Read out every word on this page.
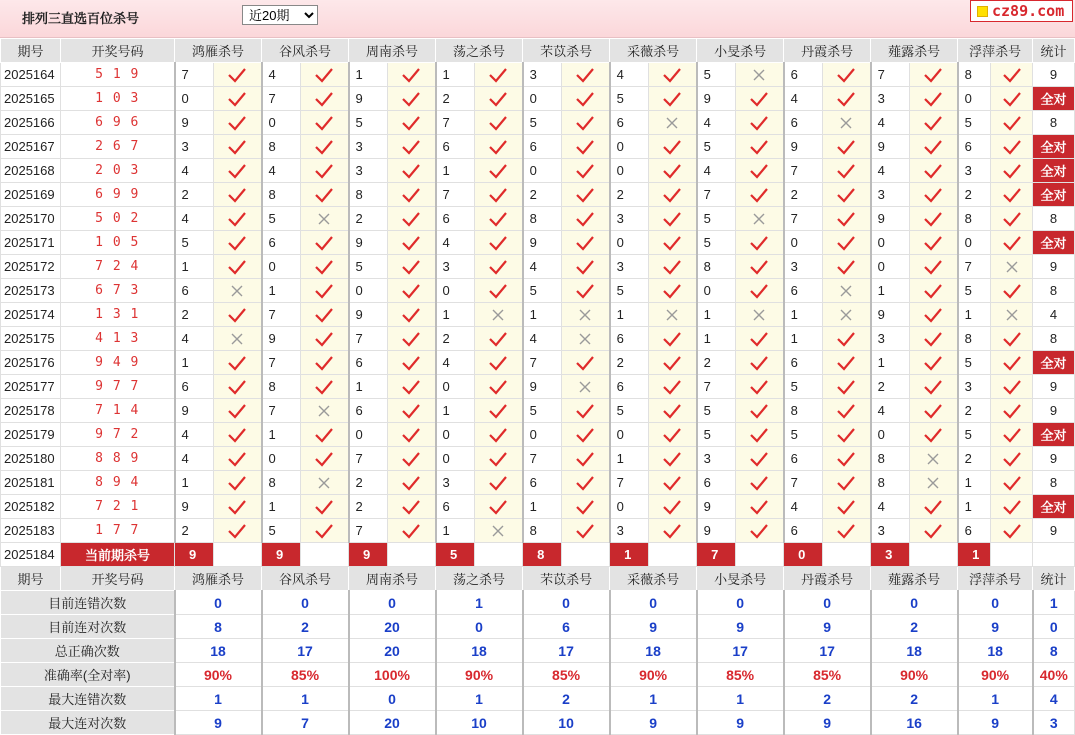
排列三直选百位杀号
近20期	cz89.com
期号	开奖号码	鸿雁杀号		谷风杀号		周南杀号		荡之杀号		芣苡杀号		采薇杀号		小旻杀号		丹霞杀号		薤露杀号		浮萍杀号		统计
2025164	5 1 9	7		4		1		1		3		4		5		6		7		8		9
2025165	1 0 3	0		7		9		2		0		5		9		4		3		0		全对
2025166	6 9 6	9		0		5		7		5		6		4		6		4		5		8
2025167	2 6 7	3		8		3		6		6		0		5		9		9		6		全对
2025168	2 0 3	4		4		3		1		0		0		4		7		4		3		全对
2025169	6 9 9	2		8		8		7		2		2		7		2		3		2		全对
2025170	5 0 2	4		5		2		6		8		3		5		7		9		8		8
2025171	1 0 5	5		6		9		4		9		0		5		0		0		0		全对
2025172	7 2 4	1		0		5		3		4		3		8		3		0		7		9
2025173	6 7 3	6		1		0		0		5		5		0		6		1		5		8
2025174	1 3 1	2		7		9		1		1		1		1		1		9		1		4
2025175	4 1 3	4		9		7		2		4		6		1		1		3		8		8
2025176	9 4 9	1		7		6		4		7		2		2		6		1		5		全对
2025177	9 7 7	6		8		1		0		9		6		7		5		2		3		9
2025178	7 1 4	9		7		6		1		5		5		5		8		4		2		9
2025179	9 7 2	4		1		0		0		0		0		5		5		0		5		全对
2025180	8 8 9	4		0		7		0		7		1		3		6		8		2		9
2025181	8 9 4	1		8		2		3		6		7		6		7		8		1		8
2025182	7 2 1	9		1		2		6		1		0		9		4		4		1		全对
2025183	1 7 7	2		5		7		1		8		3		9		6		3		6		9
2025184	当前期杀号	9		9		9		5		8		1		7		0		3		1		
期号	开奖号码	鸿雁杀号		谷风杀号		周南杀号		荡之杀号		芣苡杀号		采薇杀号		小旻杀号		丹霞杀号		薤露杀号		浮萍杀号		统计
目前连错次数		0		0		0		1		0		0		0		0		0		0		1
目前连对次数		8		2		20		0		6		9		9		9		2		9		0
总正确次数		18		17		20		18		17		18		17		17		18		18		8
准确率(全对率)		90%		85%		100%		90%		85%		90%		85%		85%		90%		90%		40%
最大连错次数		1		1		0		1		2		1		1		2		2		1		4
最大连对次数		9		7		20		10		10		9		9		9		16		9		3
